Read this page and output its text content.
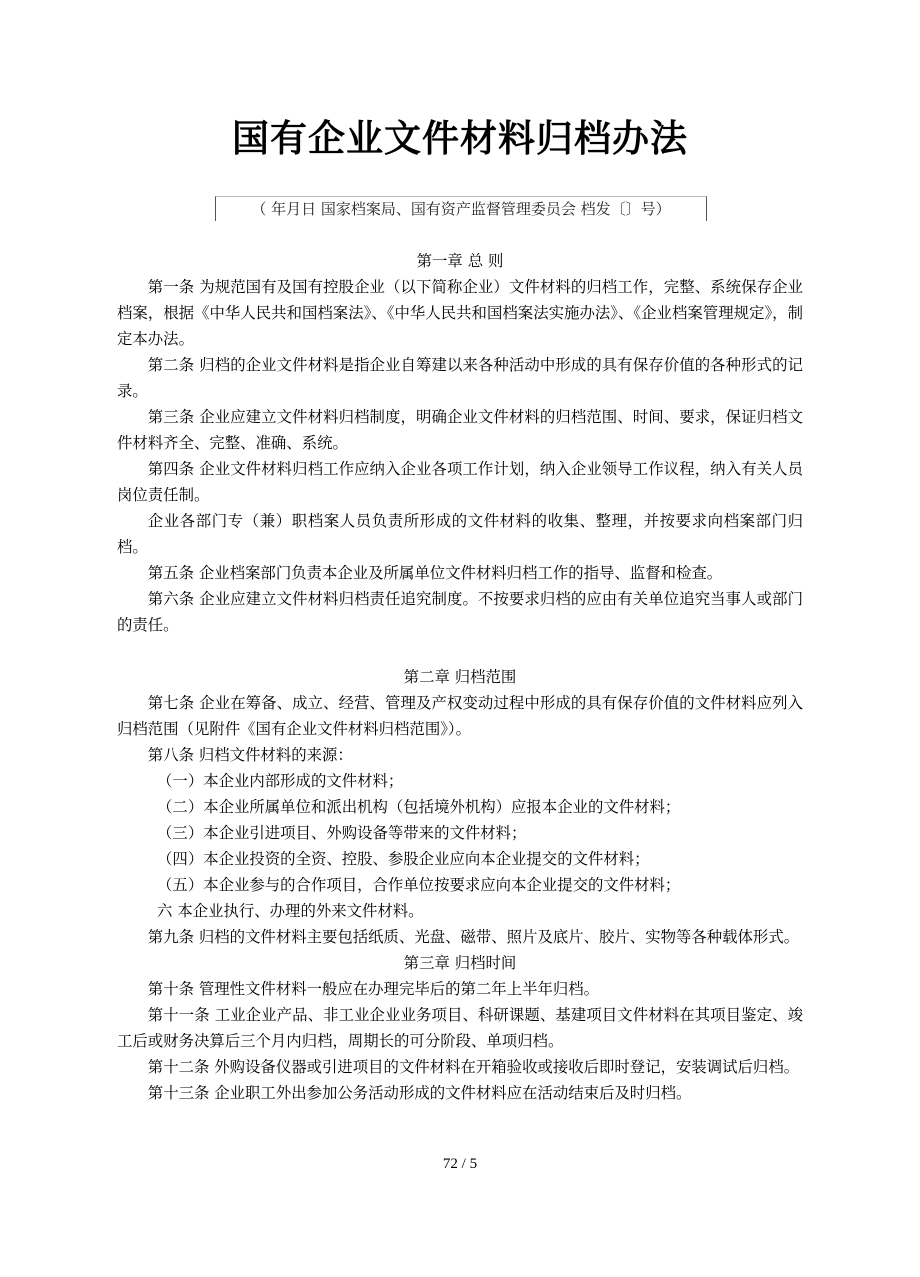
国有企业文件材料归档办法
（ 年月日 国家档案局、国有资产监督管理委员会 档发〔〕号）

第一章 总 则

第一条 为规范国有及国有控股企业（以下简称企业）文件材料的归档工作，完整、系统保存企业档案，根据《中华人民共和国档案法》、《中华人民共和国档案法实施办法》、《企业档案管理规定》，制定本办法。

第二条 归档的企业文件材料是指企业自筹建以来各种活动中形成的具有保存价值的各种形式的记录。

第三条 企业应建立文件材料归档制度，明确企业文件材料的归档范围、时间、要求，保证归档文件材料齐全、完整、准确、系统。

第四条 企业文件材料归档工作应纳入企业各项工作计划，纳入企业领导工作议程，纳入有关人员岗位责任制。

企业各部门专（兼）职档案人员负责所形成的文件材料的收集、整理，并按要求向档案部门归档。

第五条 企业档案部门负责本企业及所属单位文件材料归档工作的指导、监督和检查。

第六条 企业应建立文件材料归档责任追究制度。不按要求归档的应由有关单位追究当事人或部门的责任。

第二章 归档范围

第七条 企业在筹备、成立、经营、管理及产权变动过程中形成的具有保存价值的文件材料应列入归档范围（见附件《国有企业文件材料归档范围》）。

第八条 归档文件材料的来源：

（一）本企业内部形成的文件材料；

（二）本企业所属单位和派出机构（包括境外机构）应报本企业的文件材料；

（三）本企业引进项目、外购设备等带来的文件材料；

（四）本企业投资的全资、控股、参股企业应向本企业提交的文件材料；

（五）本企业参与的合作项目，合作单位按要求应向本企业提交的文件材料；

六 本企业执行、办理的外来文件材料。

第九条 归档的文件材料主要包括纸质、光盘、磁带、照片及底片、胶片、实物等各种载体形式。

第三章 归档时间

第十条 管理性文件材料一般应在办理完毕后的第二年上半年归档。

第十一条 工业企业产品、非工业企业业务项目、科研课题、基建项目文件材料在其项目鉴定、竣工后或财务决算后三个月内归档，周期长的可分阶段、单项归档。

第十二条 外购设备仪器或引进项目的文件材料在开箱验收或接收后即时登记，安装调试后归档。

第十三条 企业职工外出参加公务活动形成的文件材料应在活动结束后及时归档。

72 / 5
